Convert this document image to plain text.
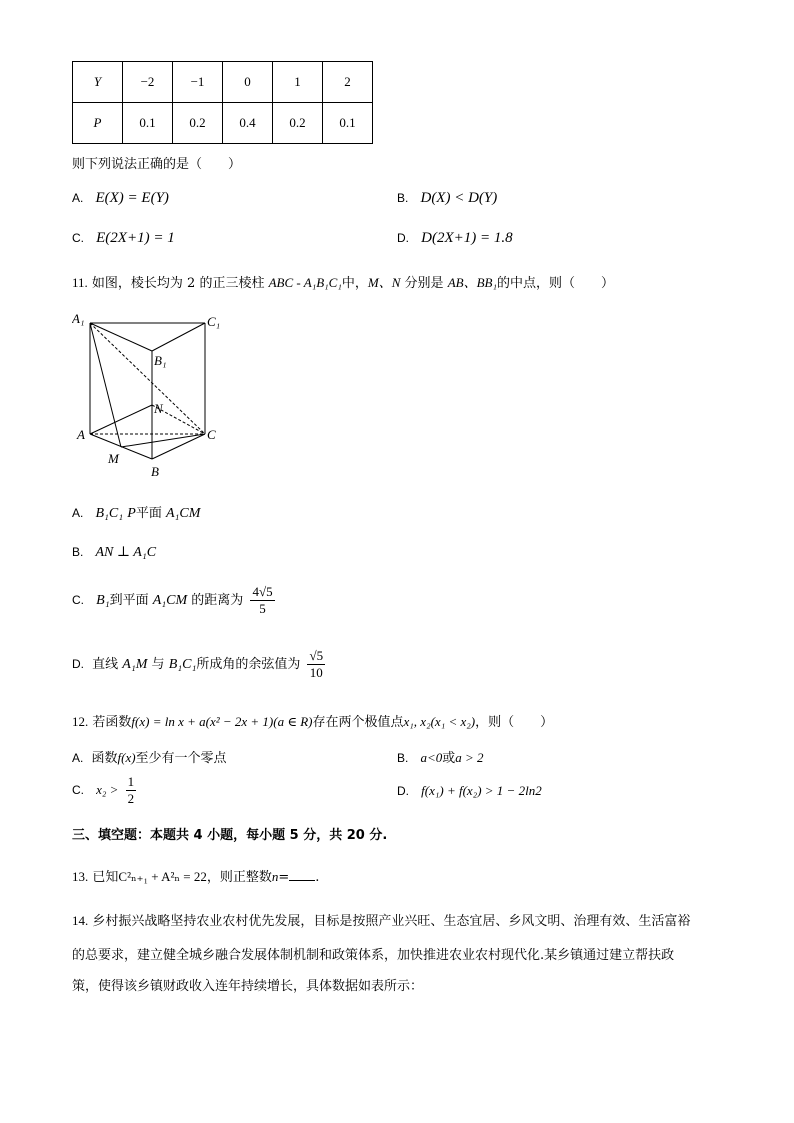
Y	−2	−1	0	1	2
P	0.1	0.2	0.4	0.2	0.1
则下列说法正确的是（　　）
A. E(X) = E(Y)	B. D(X) < D(Y)
C. E(2X+1) = 1	D. D(2X+1) = 1.8
11. 如图，棱长均为 2 的正三棱柱 ABC - A₁B₁C₁中，M、N 分别是 AB、BB₁的中点，则（　　）
A₁	C₁
B₁
N
A	C
M
B
A. B₁C₁ P平面 A₁CM
B. AN ⊥ A₁C
C. B₁到平面 A₁CM 的距离为 $\frac{4√5}{5}$
D. 直线 A₁M 与 B₁C₁所成角的余弦值为 $\frac{√5}{10}$
12. 若函数f(x) = ln x + a(x² − 2x + 1)(a ∈ R)存在两个极值点x₁, x₂(x₁ < x₂)，则（　　）
A. 函数f(x)至少有一个零点	B. a<0或a > 2
C. $x_2 > \frac{1}{2}$	D. f(x₁) + f(x₂) > 1 − 2ln2
三、填空题：本题共 4 小题，每小题 5 分，共 20 分.
13. 已知C²ₙ₊₁ + A²ₙ = 22，则正整数n= .
14. 乡村振兴战略坚持农业农村优先发展，目标是按照产业兴旺、生态宜居、乡风文明、治理有效、生活富裕
的总要求，建立健全城乡融合发展体制机制和政策体系，加快推进农业农村现代化.某乡镇通过建立帮扶政
策，使得该乡镇财政收入连年持续增长，具体数据如表所示：
